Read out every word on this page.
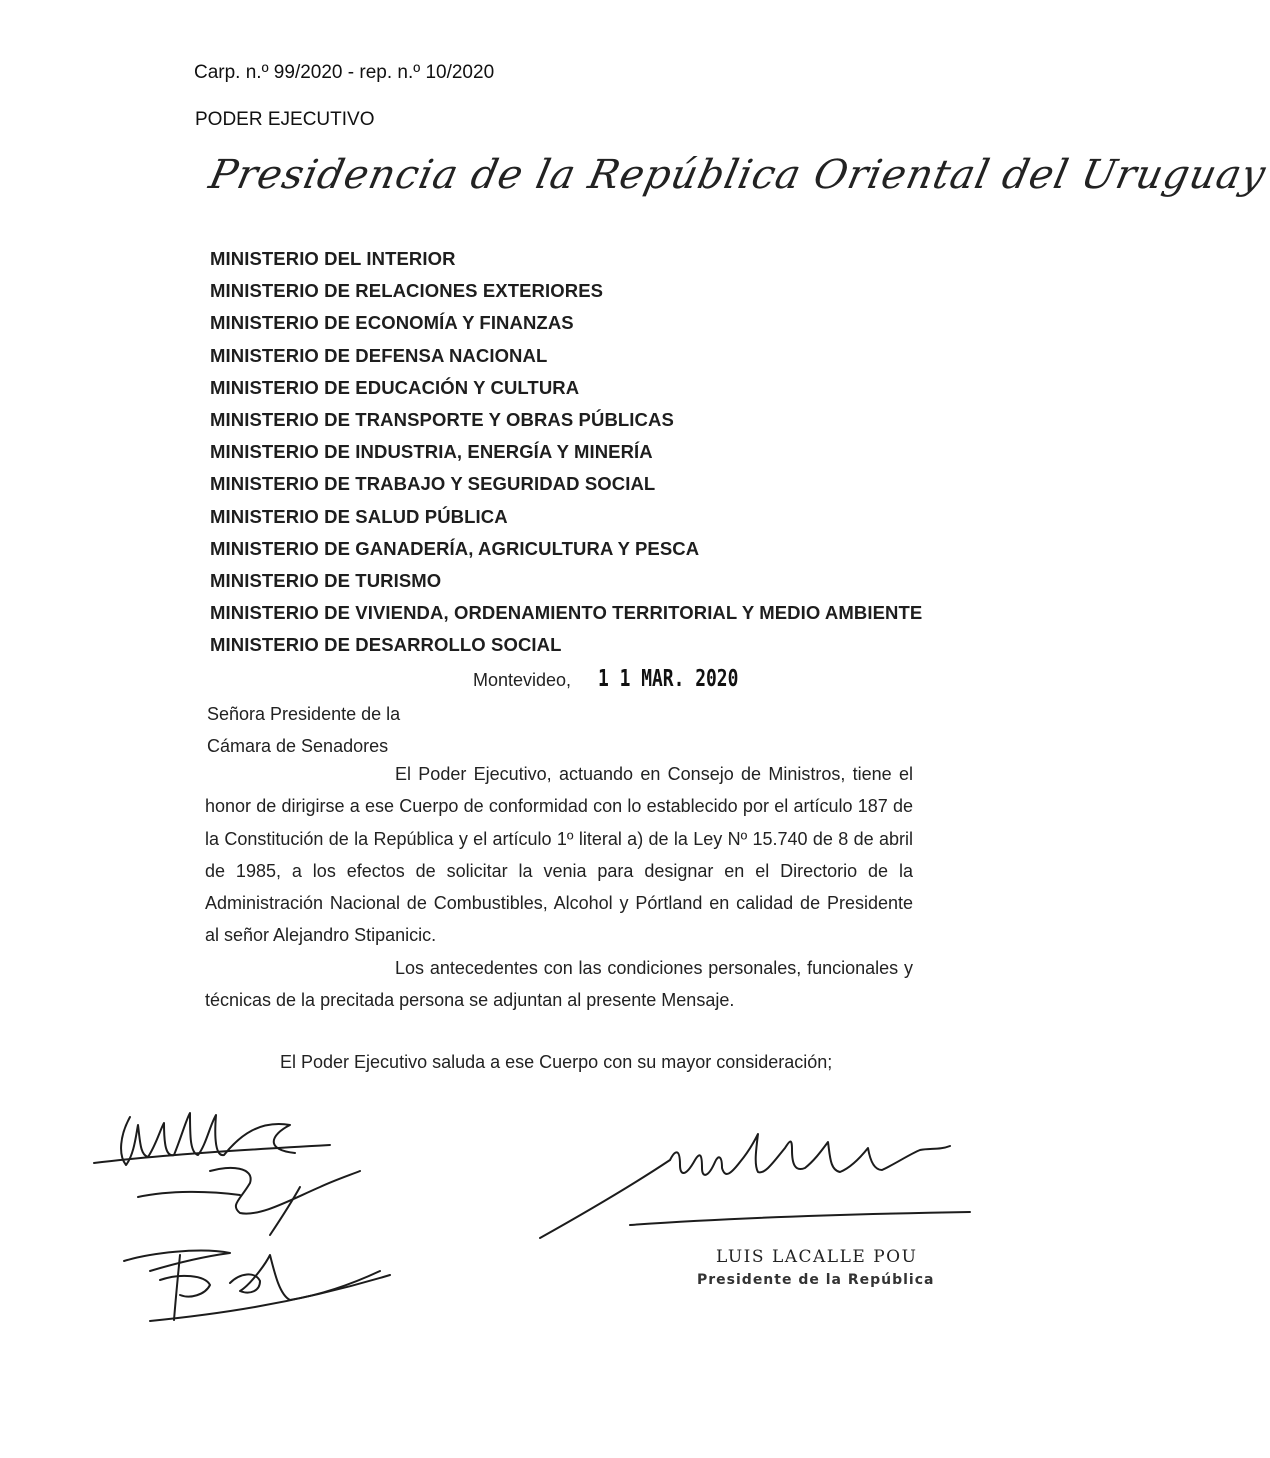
Carp. n.º 99/2020 - rep. n.º 10/2020
PODER EJECUTIVO
Presidencia de la República Oriental del Uruguay
MINISTERIO DEL INTERIOR
MINISTERIO DE RELACIONES EXTERIORES
MINISTERIO DE ECONOMÍA Y FINANZAS
MINISTERIO DE DEFENSA NACIONAL
MINISTERIO DE EDUCACIÓN Y CULTURA
MINISTERIO DE TRANSPORTE Y OBRAS PÚBLICAS
MINISTERIO DE INDUSTRIA, ENERGÍA Y MINERÍA
MINISTERIO DE TRABAJO Y SEGURIDAD SOCIAL
MINISTERIO DE SALUD PÚBLICA
MINISTERIO DE GANADERÍA, AGRICULTURA Y PESCA
MINISTERIO DE TURISMO
MINISTERIO DE VIVIENDA, ORDENAMIENTO TERRITORIAL Y MEDIO AMBIENTE
MINISTERIO DE DESARROLLO SOCIAL
Montevideo, 1 1 MAR. 2020
Señora Presidente de la
Cámara de Senadores

El Poder Ejecutivo, actuando en Consejo de Ministros, tiene el honor de dirigirse a ese Cuerpo de conformidad con lo establecido por el artículo 187 de la Constitución de la República y el artículo 1º literal a) de la Ley Nº 15.740 de 8 de abril de 1985, a los efectos de solicitar la venia para designar en el Directorio de la Administración Nacional de Combustibles, Alcohol y Pórtland en calidad de Presidente al señor Alejandro Stipanicic.

Los antecedentes con las condiciones personales, funcionales y técnicas de la precitada persona se adjuntan al presente Mensaje.

El Poder Ejecutivo saluda a ese Cuerpo con su mayor consideración;
LUIS LACALLE POU
Presidente de la República
